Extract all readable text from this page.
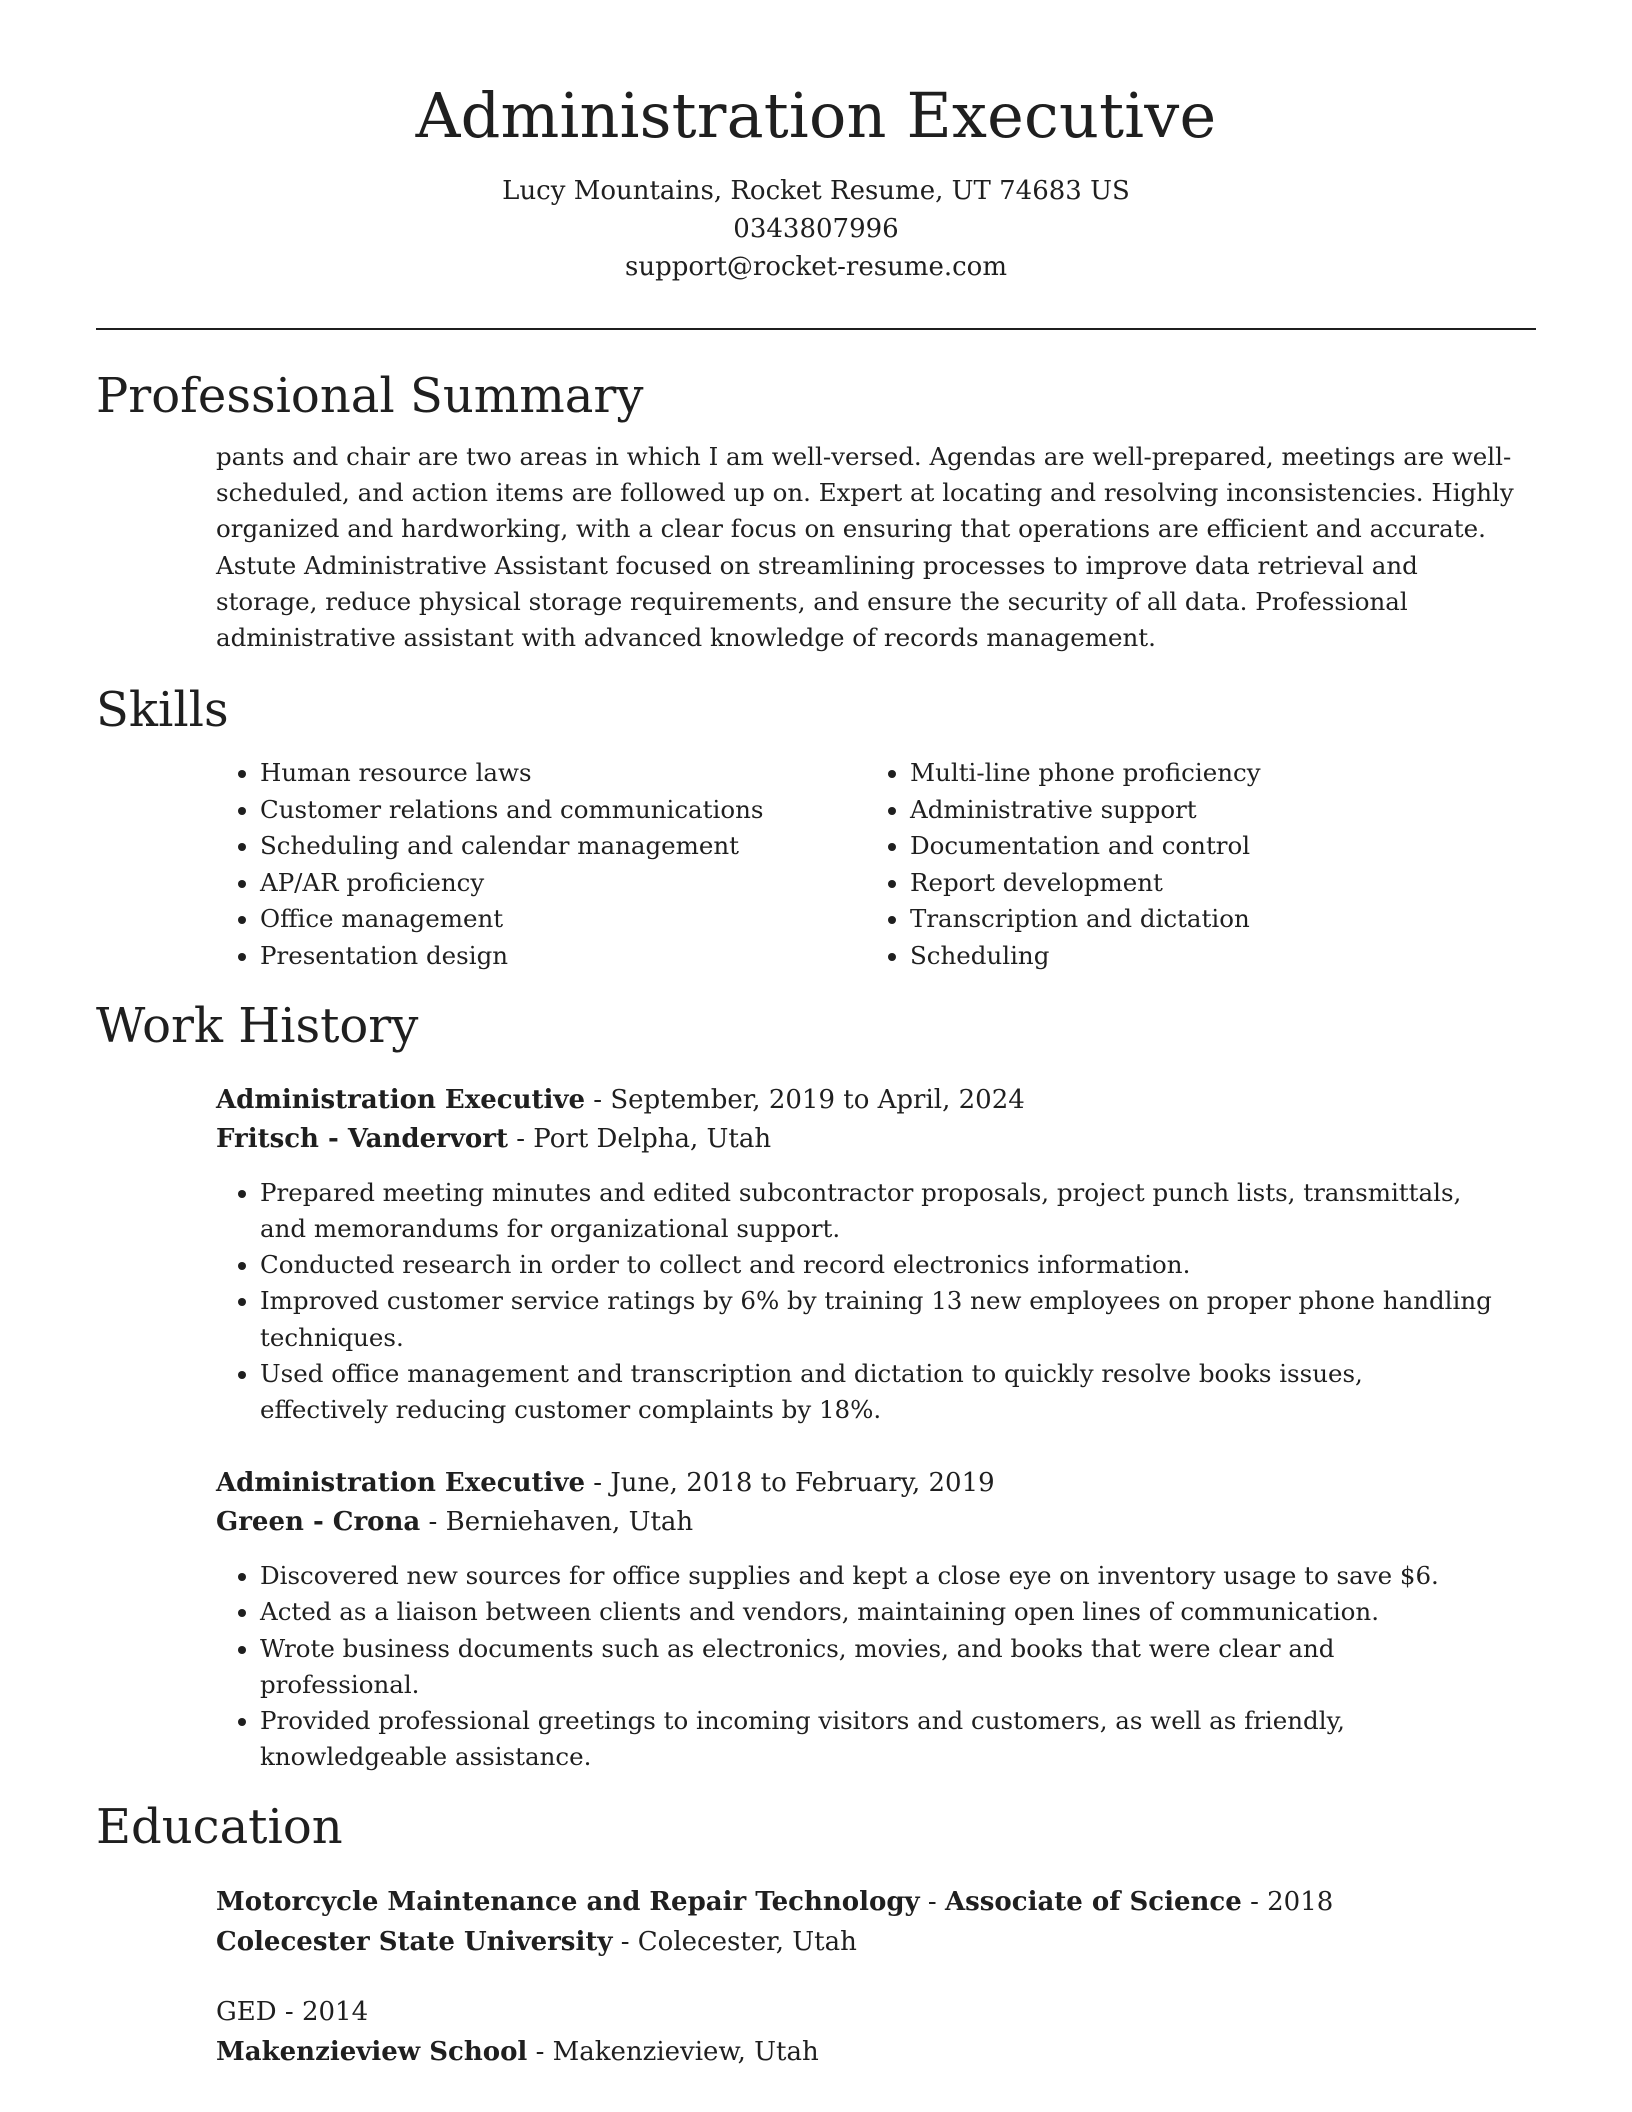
Administration Executive
Lucy Mountains, Rocket Resume, UT 74683 US
0343807996
support@rocket-resume.com
Professional Summary
pants and chair are two areas in which I am well-versed. Agendas are well-prepared, meetings are well-scheduled, and action items are followed up on. Expert at locating and resolving inconsistencies. Highly organized and hardworking, with a clear focus on ensuring that operations are efficient and accurate. Astute Administrative Assistant focused on streamlining processes to improve data retrieval and storage, reduce physical storage requirements, and ensure the security of all data. Professional administrative assistant with advanced knowledge of records management.
Skills
• Human resource laws
• Customer relations and communications
• Scheduling and calendar management
• AP/AR proficiency
• Office management
• Presentation design
• Multi-line phone proficiency
• Administrative support
• Documentation and control
• Report development
• Transcription and dictation
• Scheduling
Work History
Administration Executive - September, 2019 to April, 2024
Fritsch - Vandervort - Port Delpha, Utah
• Prepared meeting minutes and edited subcontractor proposals, project punch lists, transmittals, and memorandums for organizational support.
• Conducted research in order to collect and record electronics information.
• Improved customer service ratings by 6% by training 13 new employees on proper phone handling techniques.
• Used office management and transcription and dictation to quickly resolve books issues, effectively reducing customer complaints by 18%.
Administration Executive - June, 2018 to February, 2019
Green - Crona - Berniehaven, Utah
• Discovered new sources for office supplies and kept a close eye on inventory usage to save $6.
• Acted as a liaison between clients and vendors, maintaining open lines of communication.
• Wrote business documents such as electronics, movies, and books that were clear and professional.
• Provided professional greetings to incoming visitors and customers, as well as friendly, knowledgeable assistance.
Education
Motorcycle Maintenance and Repair Technology - Associate of Science - 2018
Colecester State University - Colecester, Utah
GED - 2014
Makenzieview School - Makenzieview, Utah
